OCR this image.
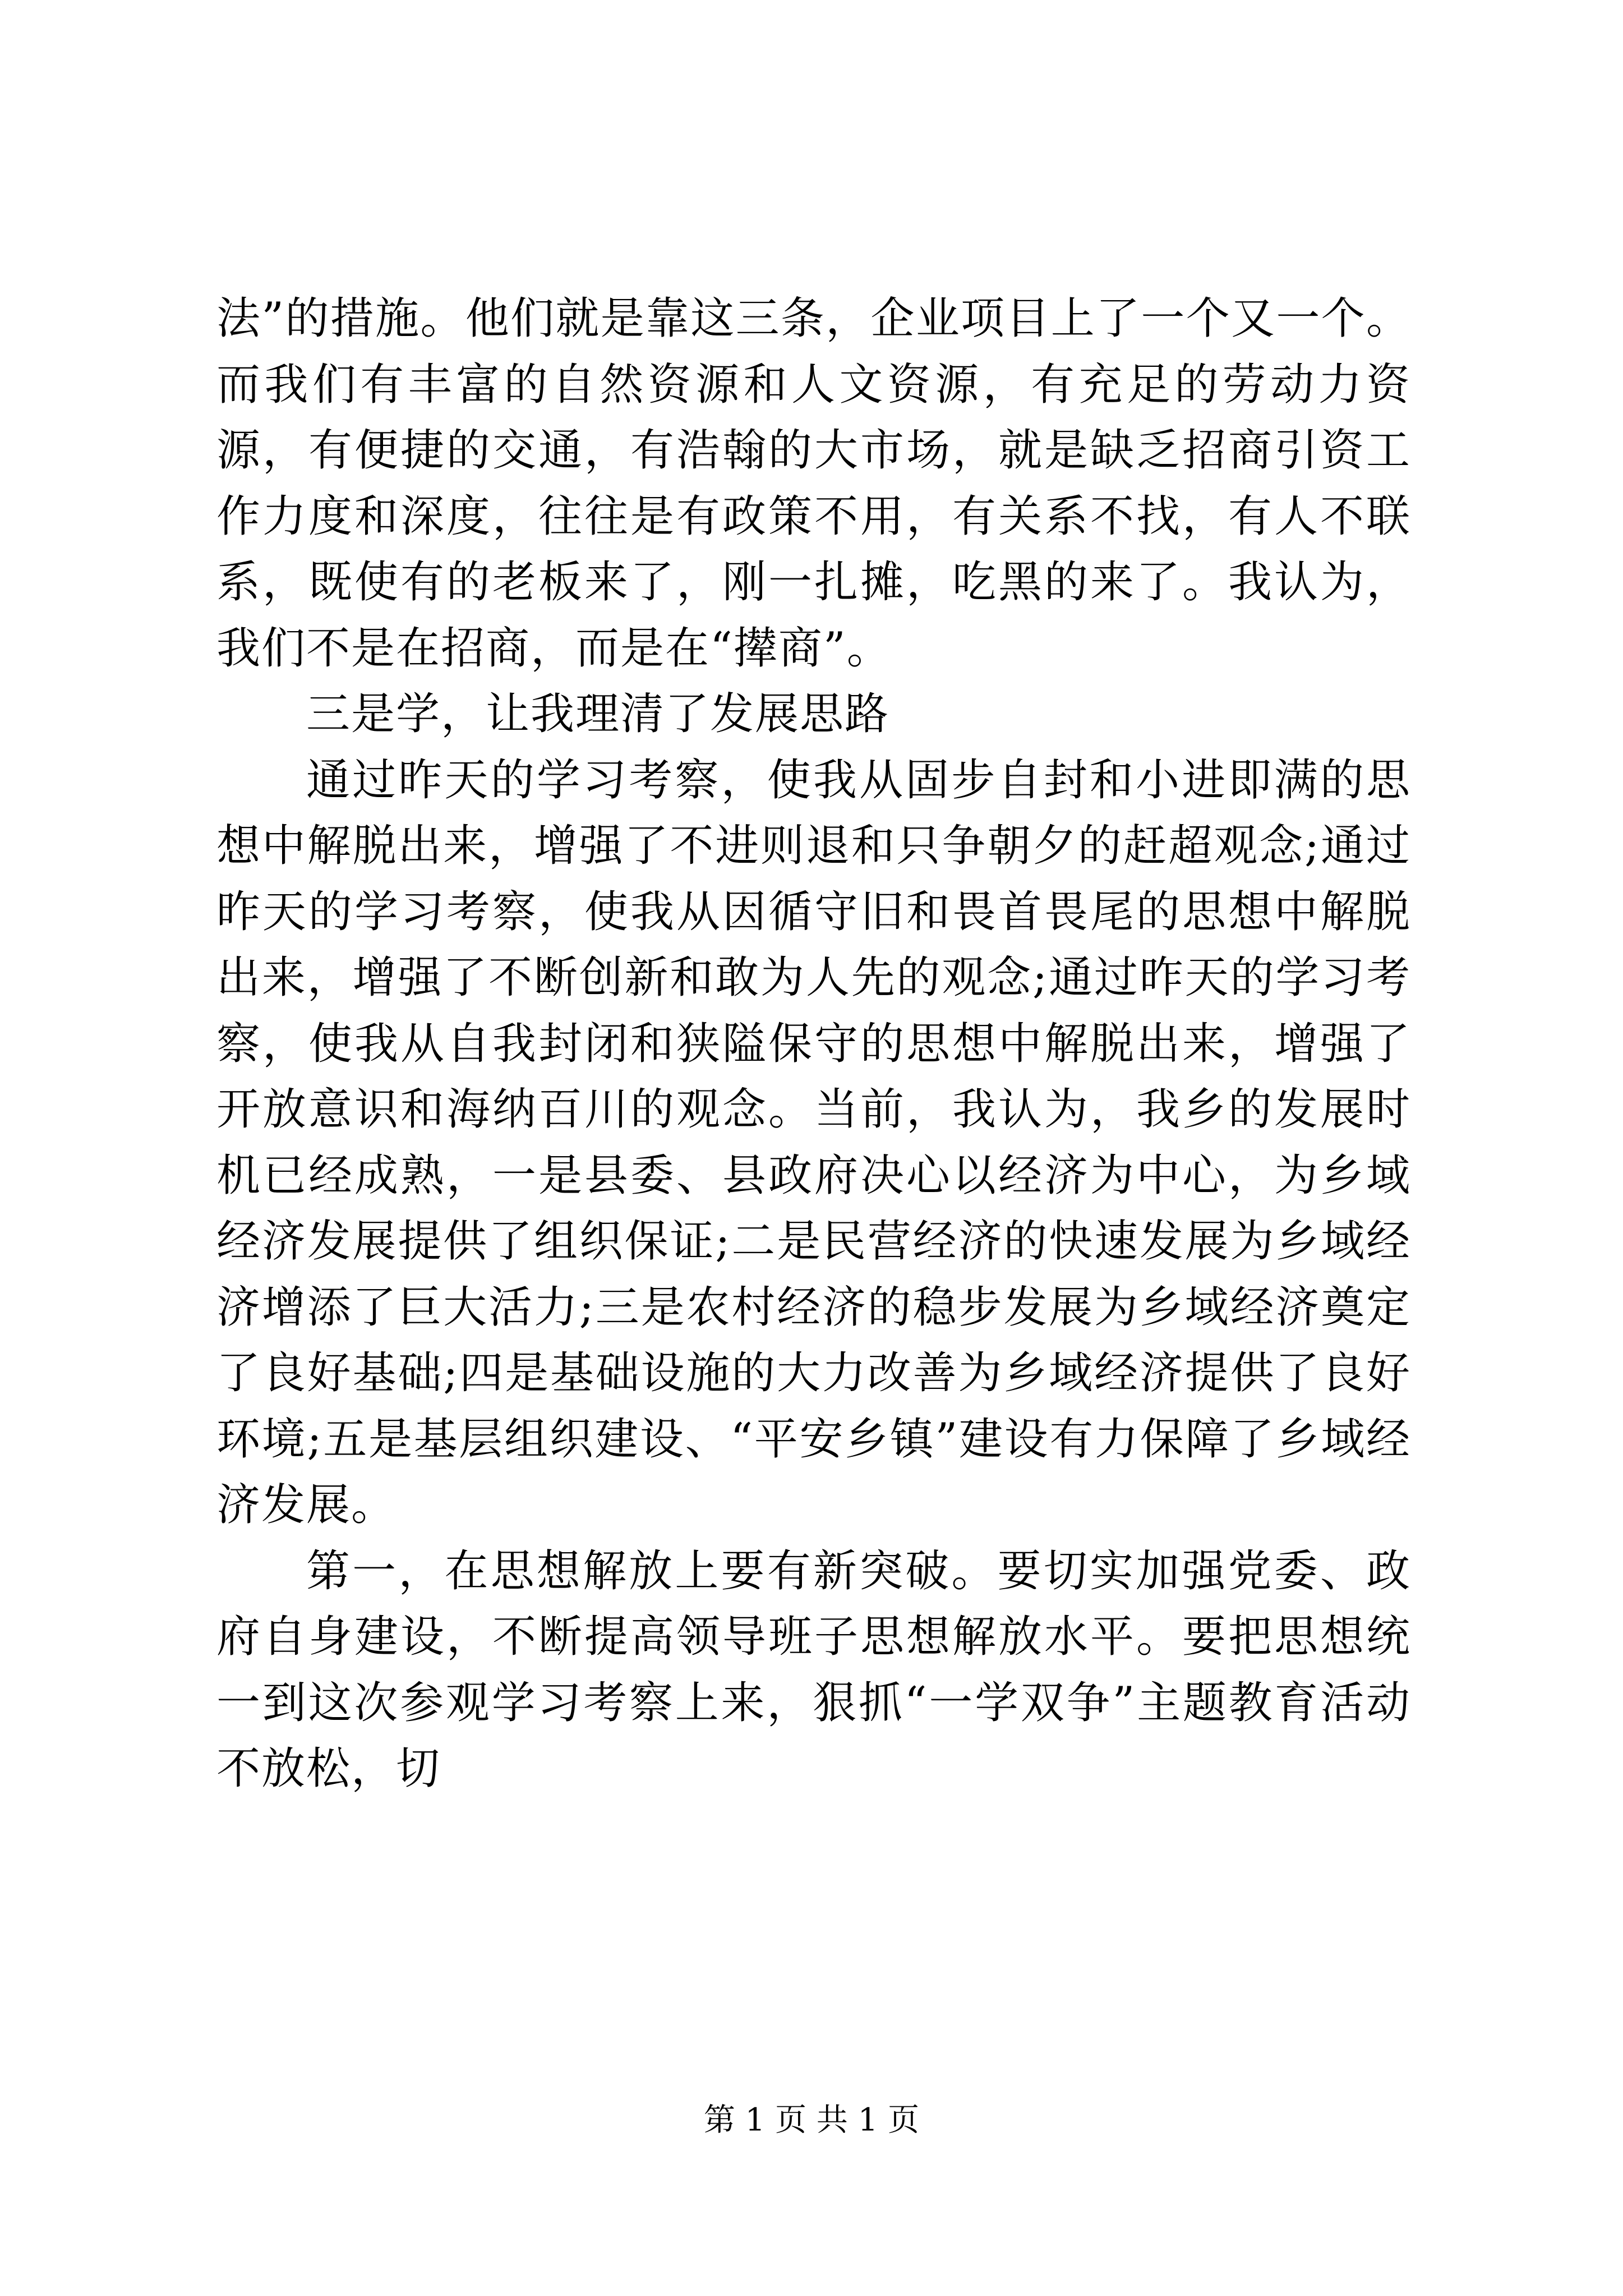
法”的措施。他们就是靠这三条，企业项目上了一个又一个。而我们有丰富的自然资源和人文资源，有充足的劳动力资源，有便捷的交通，有浩翰的大市场，就是缺乏招商引资工作力度和深度，往往是有政策不用，有关系不找，有人不联系，既使有的老板来了，刚一扎摊，吃黑的来了。我认为，我们不是在招商，而是在“撵商”。

三是学，让我理清了发展思路

通过昨天的学习考察，使我从固步自封和小进即满的思想中解脱出来，增强了不进则退和只争朝夕的赶超观念;通过昨天的学习考察，使我从因循守旧和畏首畏尾的思想中解脱出来，增强了不断创新和敢为人先的观念;通过昨天的学习考察，使我从自我封闭和狭隘保守的思想中解脱出来，增强了开放意识和海纳百川的观念。当前，我认为，我乡的发展时机已经成熟，一是县委、县政府决心以经济为中心，为乡域经济发展提供了组织保证;二是民营经济的快速发展为乡域经济增添了巨大活力;三是农村经济的稳步发展为乡域经济奠定了良好基础;四是基础设施的大力改善为乡域经济提供了良好环境;五是基层组织建设、“平安乡镇”建设有力保障了乡域经济发展。

第一，在思想解放上要有新突破。要切实加强党委、政府自身建设，不断提高领导班子思想解放水平。要把思想统一到这次参观学习考察上来，狠抓“一学双争”主题教育活动不放松，切

第 1 页 共 1 页
